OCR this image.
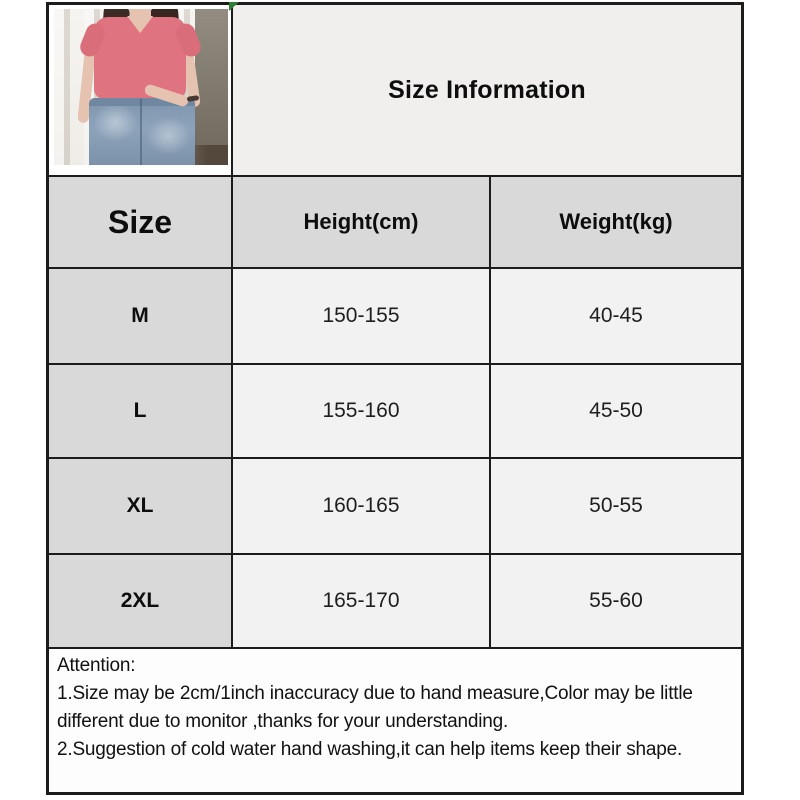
Size Information
Size	Height(cm)	Weight(kg)
M	150-155	40-45
L	155-160	45-50
XL	160-165	50-55
2XL	165-170	55-60

Attention:

1.Size may be 2cm/1inch inaccuracy due to hand measure,Color may be little different due to monitor ,thanks for your understanding.

2.Suggestion of cold water hand washing,it can help items keep their shape.
